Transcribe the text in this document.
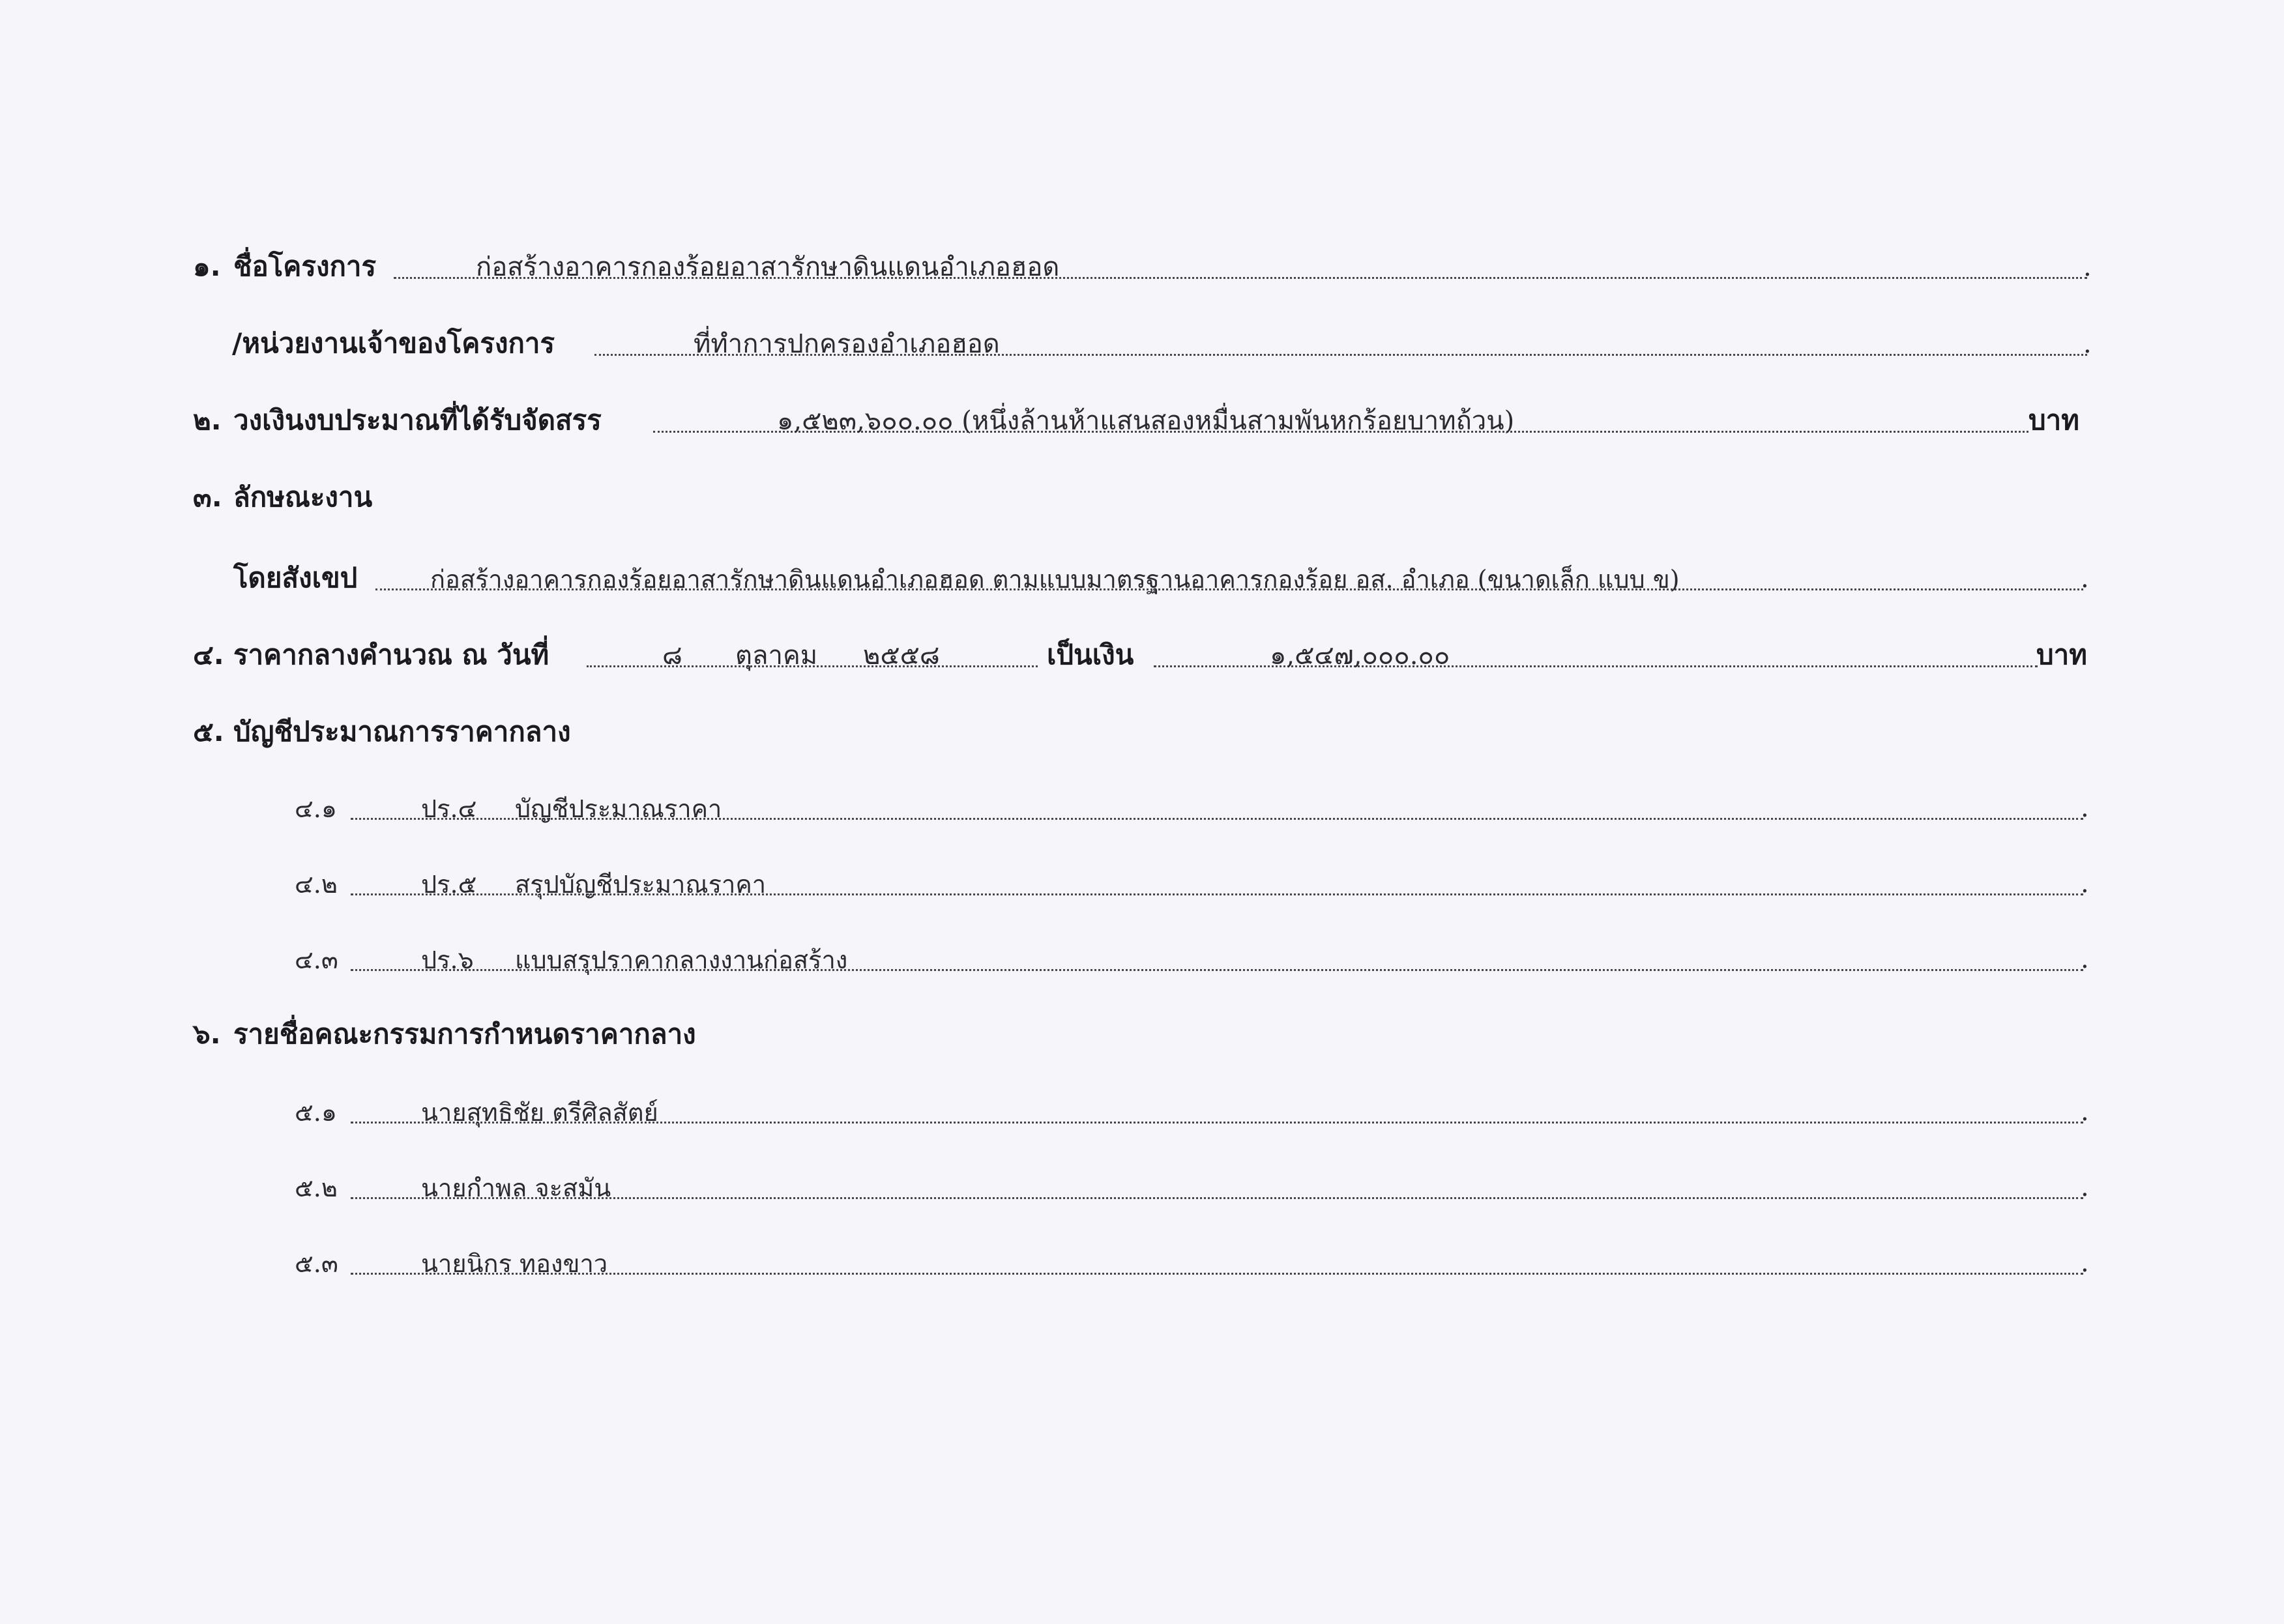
๑. ชื่อโครงการ	ก่อสร้างอาคารกองร้อยอาสารักษาดินแดนอำเภอฮอด	.
/หน่วยงานเจ้าของโครงการ	ที่ทำการปกครองอำเภอฮอด	.
๒. วงเงินงบประมาณที่ได้รับจัดสรร	๑,๕๒๓,๖๐๐.๐๐ (หนึ่งล้านห้าแสนสองหมื่นสามพันหกร้อยบาทถ้วน)	บาท
๓. ลักษณะงาน
โดยสังเขป	ก่อสร้างอาคารกองร้อยอาสารักษาดินแดนอำเภอฮอด ตามแบบมาตรฐานอาคารกองร้อย อส. อำเภอ (ขนาดเล็ก แบบ ข)	.
๔. ราคากลางคำนวณ ณ วันที่	๘ ตุลาคม ๒๕๕๘	เป็นเงิน	๑,๕๔๗,๐๐๐.๐๐	บาท
๕. บัญชีประมาณการราคากลาง
๔.๑	ปร.๔ บัญชีประมาณราคา	.
๔.๒	ปร.๕ สรุปบัญชีประมาณราคา	.
๔.๓	ปร.๖ แบบสรุปราคากลางงานก่อสร้าง	.
๖. รายชื่อคณะกรรมการกำหนดราคากลาง
๕.๑	นายสุทธิชัย ตรีศิลสัตย์	.
๕.๒	นายกำพล จะสมัน	.
๕.๓	นายนิกร ทองขาว	.
